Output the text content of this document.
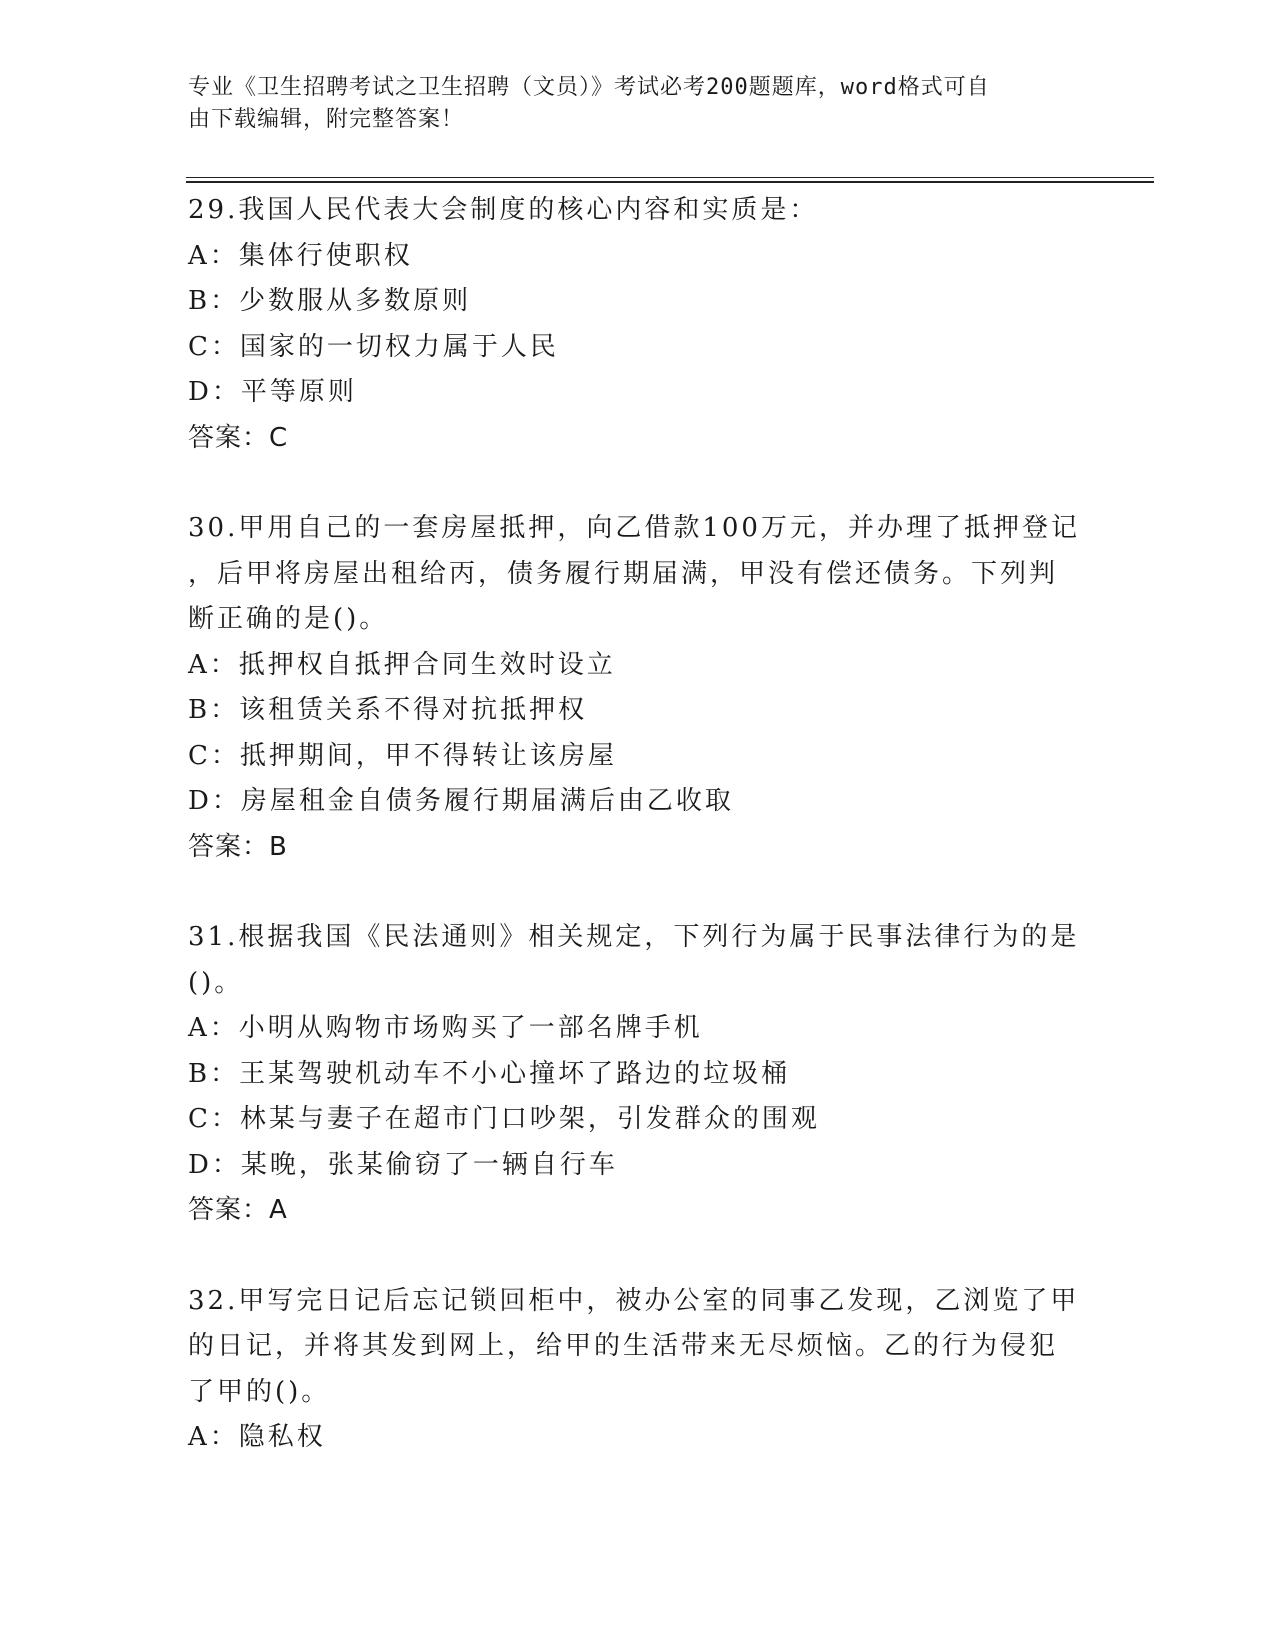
专业《卫生招聘考试之卫生招聘（文员）》考试必考200题题库，word格式可自

由下载编辑，附完整答案！

29.我国人民代表大会制度的核心内容和实质是：

A：集体行使职权

B：少数服从多数原则

C：国家的一切权力属于人民

D：平等原则

答案：C

30.甲用自己的一套房屋抵押，向乙借款100万元，并办理了抵押登记

，后甲将房屋出租给丙，债务履行期届满，甲没有偿还债务。下列判

断正确的是()。

A：抵押权自抵押合同生效时设立

B：该租赁关系不得对抗抵押权

C：抵押期间，甲不得转让该房屋

D：房屋租金自债务履行期届满后由乙收取

答案：B

31.根据我国《民法通则》相关规定，下列行为属于民事法律行为的是

()。

A：小明从购物市场购买了一部名牌手机

B：王某驾驶机动车不小心撞坏了路边的垃圾桶

C：林某与妻子在超市门口吵架，引发群众的围观

D：某晚，张某偷窃了一辆自行车

答案：A

32.甲写完日记后忘记锁回柜中，被办公室的同事乙发现，乙浏览了甲

的日记，并将其发到网上，给甲的生活带来无尽烦恼。乙的行为侵犯

了甲的()。

A：隐私权
